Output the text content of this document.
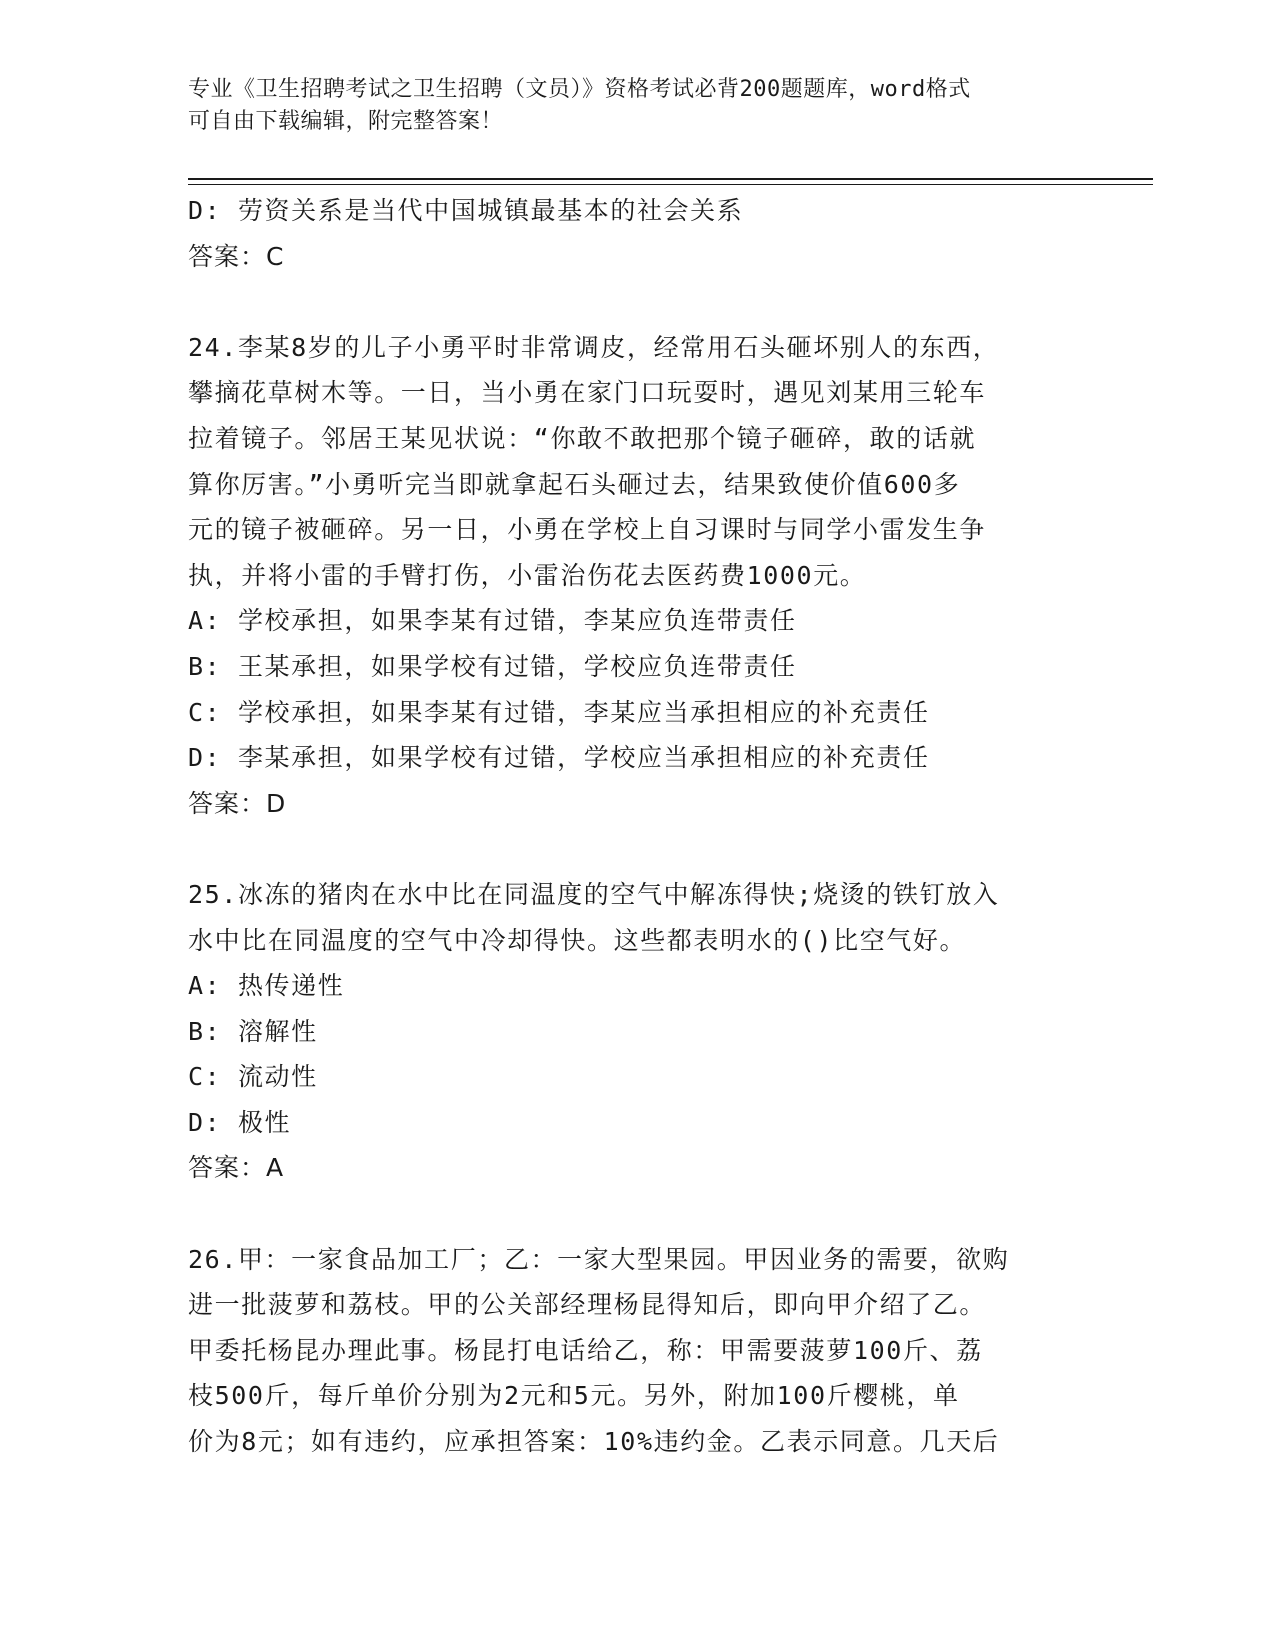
专业《卫生招聘考试之卫生招聘（文员）》资格考试必背200题题库，word格式
可自由下载编辑，附完整答案！
D: 劳资关系是当代中国城镇最基本的社会关系
答案：C
24.李某8岁的儿子小勇平时非常调皮，经常用石头砸坏别人的东西，
攀摘花草树木等。一日，当小勇在家门口玩耍时，遇见刘某用三轮车
拉着镜子。邻居王某见状说：“你敢不敢把那个镜子砸碎，敢的话就
算你厉害。”小勇听完当即就拿起石头砸过去，结果致使价值600多
元的镜子被砸碎。另一日，小勇在学校上自习课时与同学小雷发生争
执，并将小雷的手臂打伤，小雷治伤花去医药费1000元。
A: 学校承担，如果李某有过错，李某应负连带责任
B: 王某承担，如果学校有过错，学校应负连带责任
C: 学校承担，如果李某有过错，李某应当承担相应的补充责任
D: 李某承担，如果学校有过错，学校应当承担相应的补充责任
答案：D
25.冰冻的猪肉在水中比在同温度的空气中解冻得快;烧烫的铁钉放入
水中比在同温度的空气中冷却得快。这些都表明水的()比空气好。
A: 热传递性
B: 溶解性
C: 流动性
D: 极性
答案：A
26.甲：一家食品加工厂；乙：一家大型果园。甲因业务的需要，欲购
进一批菠萝和荔枝。甲的公关部经理杨昆得知后，即向甲介绍了乙。
甲委托杨昆办理此事。杨昆打电话给乙，称：甲需要菠萝100斤、荔
枝500斤，每斤单价分别为2元和5元。另外，附加100斤樱桃，单
价为8元；如有违约，应承担答案：10%违约金。乙表示同意。几天后
